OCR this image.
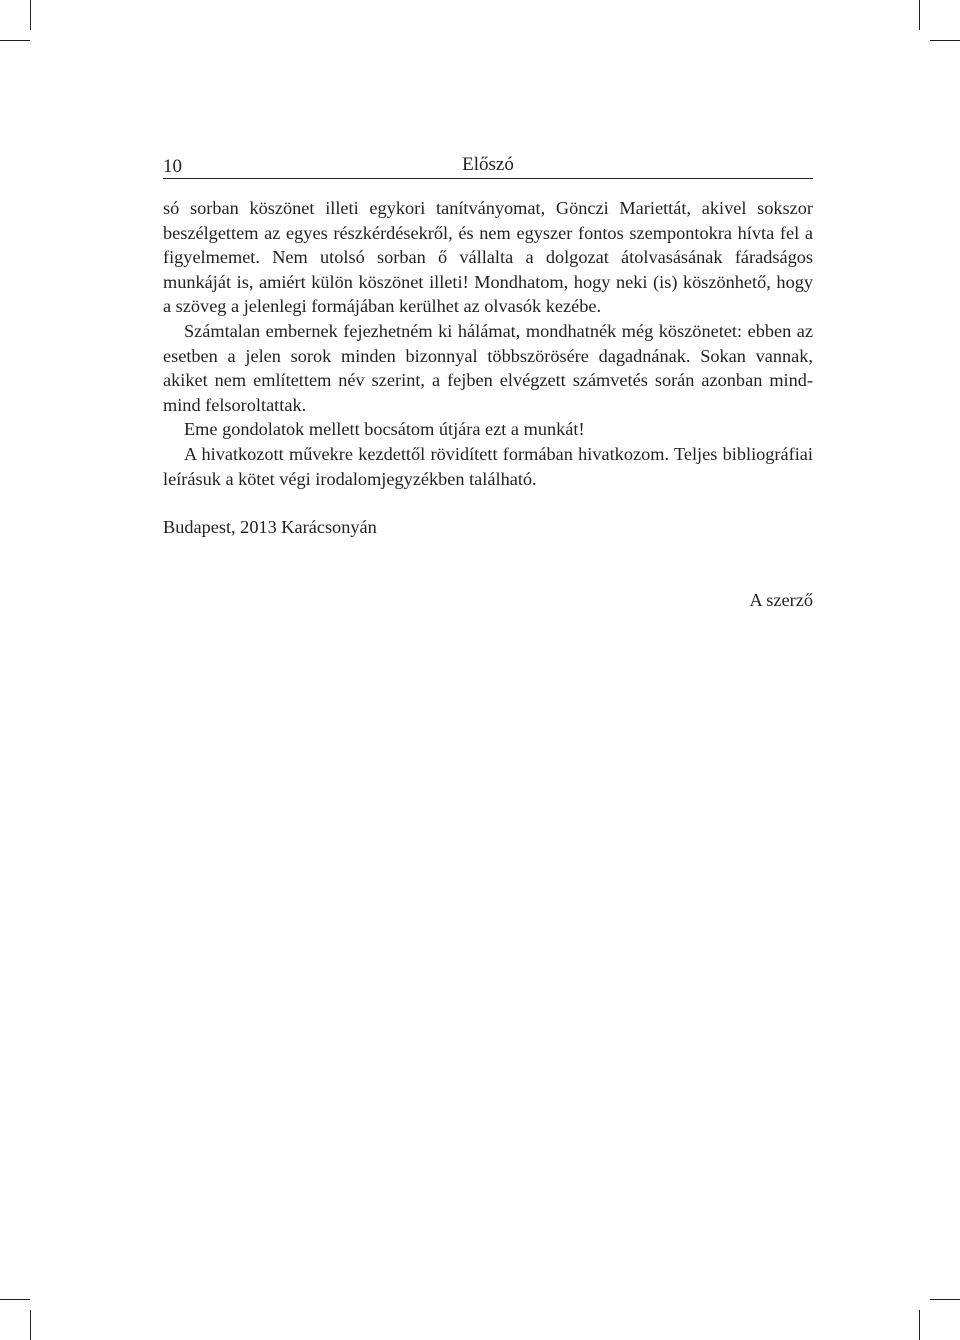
10	Előszó

só sorban köszönet illeti egykori tanítványomat, Gönczi Mariettát, akivel sokszor beszélgettem az egyes részkérdésekről, és nem egyszer fontos szempontokra hívta fel a figyelmemet. Nem utolsó sorban ő vállalta a dolgozat átolvasásának fáradságos munkáját is, amiért külön köszönet illeti! Mondhatom, hogy neki (is) köszönhető, hogy a szöveg a jelenlegi formájában kerülhet az olvasók kezébe.

Számtalan embernek fejezhetném ki hálámat, mondhatnék még köszönetet: ebben az esetben a jelen sorok minden bizonnyal többszörösére dagadnának. Sokan vannak, akiket nem említettem név szerint, a fejben elvégzett számvetés során azonban mind-mind felsoroltattak.

Eme gondolatok mellett bocsátom útjára ezt a munkát!

A hivatkozott művekre kezdettől rövidített formában hivatkozom. Teljes bibliográfiai leírásuk a kötet végi irodalomjegyzékben található.

Budapest, 2013 Karácsonyán
A szerző
